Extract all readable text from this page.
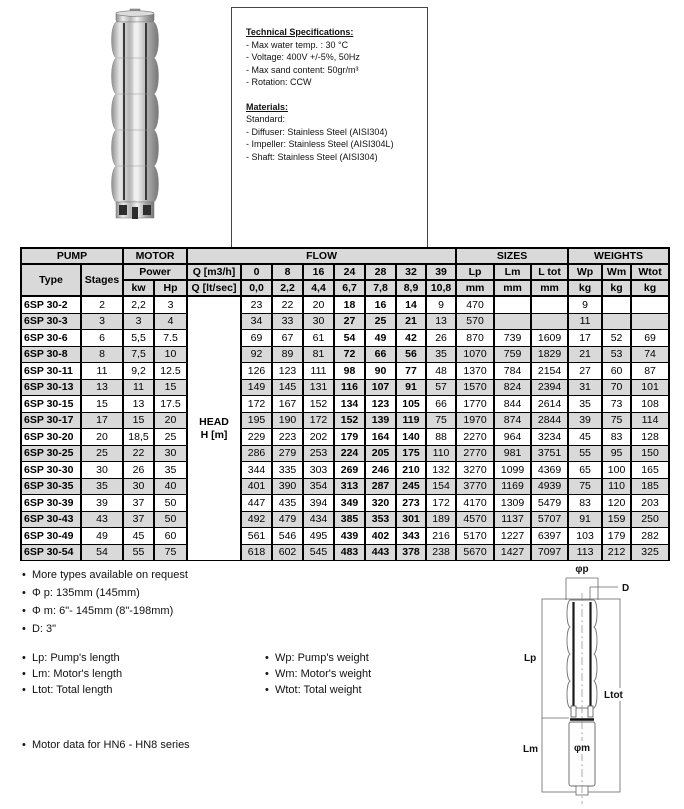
Technical Specifications:
- Max water temp. : 30 °C
- Voltage: 400V +/-5%, 50Hz
- Max sand content: 50gr/m³
- Rotation: CCW
Materials:
Standard:
- Diffuser: Stainless Steel (AISI304)
- Impeller: Stainless Steel (AISI304L)
- Shaft: Stainless Steel (AISI304)
PUMP		MOTOR		FLOW								SIZES			WEIGHTS		
Type	Stages	Power		Q [m3/h]	0	8	16	24	28	32	39	Lp	Lm	L tot	Wp	Wm	Wtot
		kw	Hp	Q [lt/sec]	0,0	2,2	4,4	6,7	7,8	8,9	10,8	mm	mm	mm	kg	kg	kg
6SP 30-2	2	2,2	3	HEAD
H [m]	23	22	20	18	16	14	9	470			9		
6SP 30-3	3	3	4		34	33	30	27	25	21	13	570			11		
6SP 30-6	6	5,5	7.5		69	67	61	54	49	42	26	870	739	1609	17	52	69
6SP 30-8	8	7,5	10		92	89	81	72	66	56	35	1070	759	1829	21	53	74
6SP 30-11	11	9,2	12.5		126	123	111	98	90	77	48	1370	784	2154	27	60	87
6SP 30-13	13	11	15		149	145	131	116	107	91	57	1570	824	2394	31	70	101
6SP 30-15	15	13	17.5		172	167	152	134	123	105	66	1770	844	2614	35	73	108
6SP 30-17	17	15	20		195	190	172	152	139	119	75	1970	874	2844	39	75	114
6SP 30-20	20	18,5	25		229	223	202	179	164	140	88	2270	964	3234	45	83	128
6SP 30-25	25	22	30		286	279	253	224	205	175	110	2770	981	3751	55	95	150
6SP 30-30	30	26	35		344	335	303	269	246	210	132	3270	1099	4369	65	100	165
6SP 30-35	35	30	40		401	390	354	313	287	245	154	3770	1169	4939	75	110	185
6SP 30-39	39	37	50		447	435	394	349	320	273	172	4170	1309	5479	83	120	203
6SP 30-43	43	37	50		492	479	434	385	353	301	189	4570	1137	5707	91	159	250
6SP 30-49	49	45	60		561	546	495	439	402	343	216	5170	1227	6397	103	179	282
6SP 30-54	54	55	75		618	602	545	483	443	378	238	5670	1427	7097	113	212	325
•  More types available on request
•  Φ p: 135mm (145mm)
•  Φ m: 6"- 145mm (8"-198mm)
•  D: 3"
•  Lp: Pump's length
•  Lm: Motor's length
•  Ltot: Total length
•  Wp: Pump's weight
•  Wm: Motor's weight
•  Wtot: Total weight
•  Motor data for HN6 - HN8 series
φp
D
Lp
Ltot
Lm	φm
